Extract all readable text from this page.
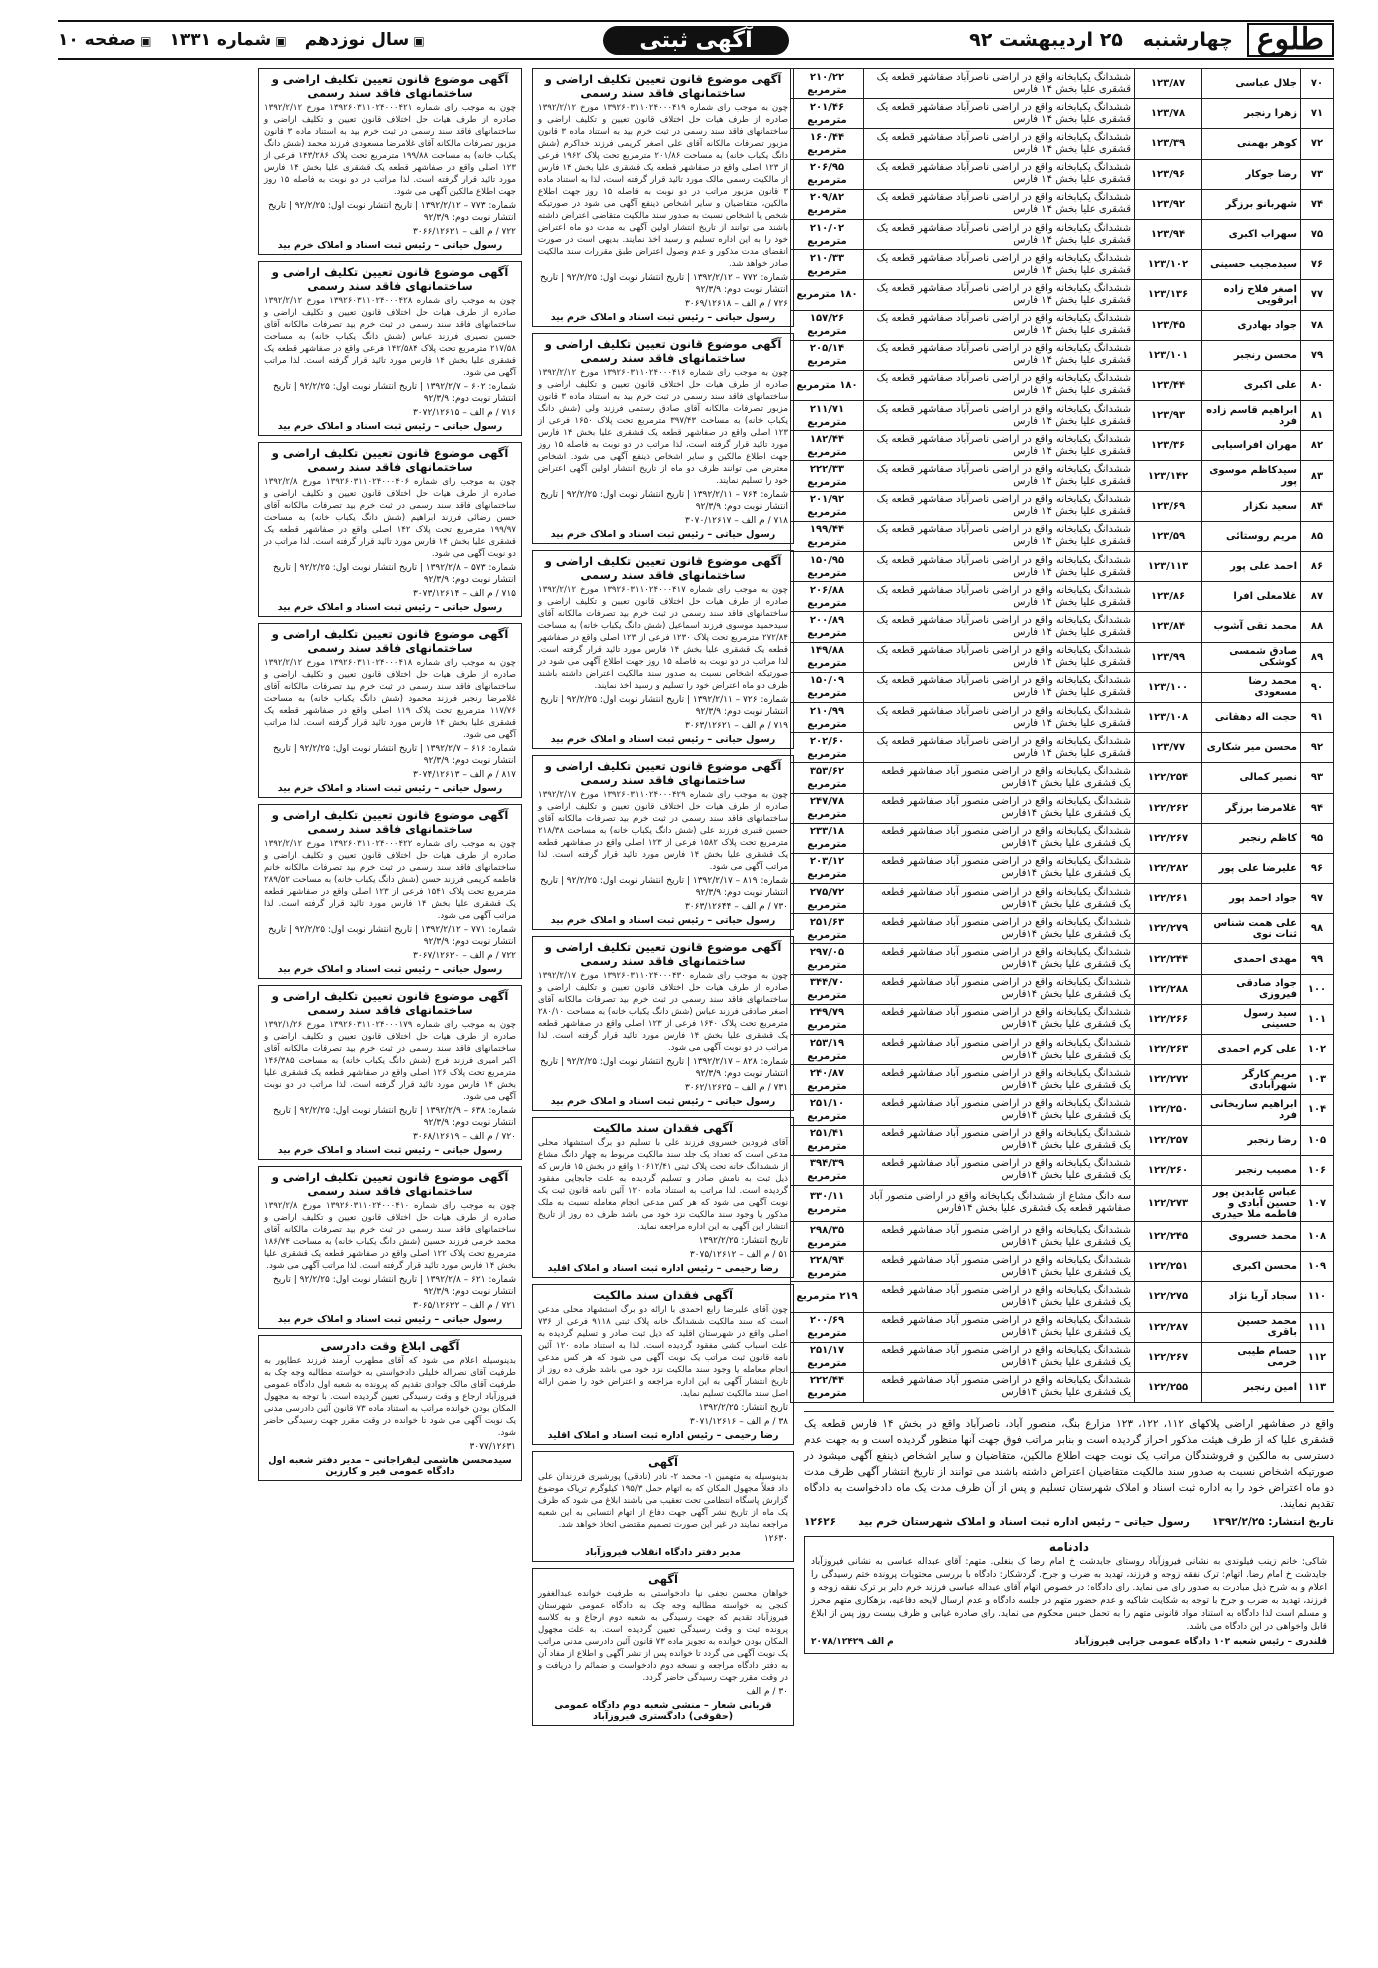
طلوع
چهارشنبه   ۲۵ اردیبهشت ۹۲
آگهی ثبتی
▣ سال نوزدهم
▣ شماره ۱۳۳۱
▣ صفحه ۱۰
۷۰	جلال عباسی	۱۲۳/۸۷	ششدانگ یکبابخانه واقع در اراضی ناصرآباد صفاشهر قطعه یک قشقری علیا بخش ۱۴ فارس	۲۱۰/۲۲ مترمربع
۷۱	زهرا رنجبر	۱۲۳/۷۸	ششدانگ یکبابخانه واقع در اراضی ناصرآباد صفاشهر قطعه یک قشقری علیا بخش ۱۴ فارس	۲۰۱/۴۶ مترمربع
۷۲	کوهر بهمنی	۱۲۳/۳۹	ششدانگ یکبابخانه واقع در اراضی ناصرآباد صفاشهر قطعه یک قشقری علیا بخش ۱۴ فارس	۱۶۰/۴۴ مترمربع
۷۳	رضا جوکار	۱۲۳/۹۶	ششدانگ یکبابخانه واقع در اراضی ناصرآباد صفاشهر قطعه یک قشقری علیا بخش ۱۴ فارس	۲۰۶/۹۵ مترمربع
۷۴	شهربانو برزگر	۱۲۳/۹۲	ششدانگ یکبابخانه واقع در اراضی ناصرآباد صفاشهر قطعه یک قشقری علیا بخش ۱۴ فارس	۲۰۹/۸۲ مترمربع
۷۵	سهراب اکبری	۱۲۳/۹۴	ششدانگ یکبابخانه واقع در اراضی ناصرآباد صفاشهر قطعه یک قشقری علیا بخش ۱۴ فارس	۲۱۰/۰۲ مترمربع
۷۶	سیدمجیب حسینی	۱۲۳/۱۰۲	ششدانگ یکبابخانه واقع در اراضی ناصرآباد صفاشهر قطعه یک قشقری علیا بخش ۱۴ فارس	۲۱۰/۳۳ مترمربع
۷۷	اصغر فلاح زاده ابرقویی	۱۲۳/۱۳۶	ششدانگ یکبابخانه واقع در اراضی ناصرآباد صفاشهر قطعه یک قشقری علیا بخش ۱۴ فارس	۱۸۰ مترمربع
۷۸	جواد بهادری	۱۲۳/۴۵	ششدانگ یکبابخانه واقع در اراضی ناصرآباد صفاشهر قطعه یک قشقری علیا بخش ۱۴ فارس	۱۵۷/۲۶ مترمربع
۷۹	محسن رنجبر	۱۲۳/۱۰۱	ششدانگ یکبابخانه واقع در اراضی ناصرآباد صفاشهر قطعه یک قشقری علیا بخش ۱۴ فارس	۲۰۵/۱۴ مترمربع
۸۰	علی اکبری	۱۲۳/۴۴	ششدانگ یکبابخانه واقع در اراضی ناصرآباد صفاشهر قطعه یک قشقری علیا بخش ۱۴ فارس	۱۸۰ مترمربع
۸۱	ابراهیم قاسم زاده فرد	۱۲۳/۹۳	ششدانگ یکبابخانه واقع در اراضی ناصرآباد صفاشهر قطعه یک قشقری علیا بخش ۱۴ فارس	۲۱۱/۷۱ مترمربع
۸۲	مهران افراسیابی	۱۲۳/۳۶	ششدانگ یکبابخانه واقع در اراضی ناصرآباد صفاشهر قطعه یک قشقری علیا بخش ۱۴ فارس	۱۸۲/۴۴ مترمربع
۸۳	سیدکاظم موسوی پور	۱۲۳/۱۴۲	ششدانگ یکبابخانه واقع در اراضی ناصرآباد صفاشهر قطعه یک قشقری علیا بخش ۱۴ فارس	۲۲۲/۳۳ مترمربع
۸۴	سعید نکزار	۱۲۳/۶۹	ششدانگ یکبابخانه واقع در اراضی ناصرآباد صفاشهر قطعه یک قشقری علیا بخش ۱۴ فارس	۲۰۱/۹۲ مترمربع
۸۵	مریم روستائی	۱۲۳/۵۹	ششدانگ یکبابخانه واقع در اراضی ناصرآباد صفاشهر قطعه یک قشقری علیا بخش ۱۴ فارس	۱۹۹/۴۴ مترمربع
۸۶	احمد علی پور	۱۲۳/۱۱۳	ششدانگ یکبابخانه واقع در اراضی ناصرآباد صفاشهر قطعه یک قشقری علیا بخش ۱۴ فارس	۱۵۰/۹۵ مترمربع
۸۷	غلامعلی افرا	۱۲۳/۸۶	ششدانگ یکبابخانه واقع در اراضی ناصرآباد صفاشهر قطعه یک قشقری علیا بخش ۱۴ فارس	۲۰۶/۸۸ مترمربع
۸۸	محمد تقی آشوب	۱۲۳/۸۴	ششدانگ یکبابخانه واقع در اراضی ناصرآباد صفاشهر قطعه یک قشقری علیا بخش ۱۴ فارس	۲۰۰/۸۹ مترمربع
۸۹	صادق شمسی کوشکی	۱۲۳/۹۹	ششدانگ یکبابخانه واقع در اراضی ناصرآباد صفاشهر قطعه یک قشقری علیا بخش ۱۴ فارس	۱۴۹/۸۸ مترمربع
۹۰	محمد رضا مسعودی	۱۲۳/۱۰۰	ششدانگ یکبابخانه واقع در اراضی ناصرآباد صفاشهر قطعه یک قشقری علیا بخش ۱۴ فارس	۱۵۰/۰۹ مترمربع
۹۱	حجت اله دهقانی	۱۲۳/۱۰۸	ششدانگ یکبابخانه واقع در اراضی ناصرآباد صفاشهر قطعه یک قشقری علیا بخش ۱۴ فارس	۲۱۰/۹۹ مترمربع
۹۲	محسن میر شکاری	۱۲۳/۷۷	ششدانگ یکبابخانه واقع در اراضی ناصرآباد صفاشهر قطعه یک قشقری علیا بخش ۱۴ فارس	۲۰۲/۶۰ مترمربع
۹۳	نصیر کمالی	۱۲۲/۲۵۴	ششدانگ یکبابخانه واقع در اراضی منصور آباد صفاشهر قطعه یک قشقری علیا بخش ۱۴فارس	۳۵۳/۶۲ مترمربع
۹۴	غلامرضا برزگر	۱۲۲/۲۶۲	ششدانگ یکبابخانه واقع در اراضی منصور آباد صفاشهر قطعه یک قشقری علیا بخش ۱۴فارس	۲۴۷/۷۸ مترمربع
۹۵	کاظم رنجبر	۱۲۲/۲۶۷	ششدانگ یکبابخانه واقع در اراضی منصور آباد صفاشهر قطعه یک قشقری علیا بخش ۱۴فارس	۲۳۳/۱۸ مترمربع
۹۶	علیرضا علی پور	۱۲۲/۲۸۲	ششدانگ یکبابخانه واقع در اراضی منصور آباد صفاشهر قطعه یک قشقری علیا بخش ۱۴فارس	۲۰۳/۱۲ مترمربع
۹۷	جواد احمد پور	۱۲۲/۲۶۱	ششدانگ یکبابخانه واقع در اراضی منصور آباد صفاشهر قطعه یک قشقری علیا بخش ۱۴فارس	۲۷۵/۷۲ مترمربع
۹۸	علی همت شناس ثنات نوی	۱۲۲/۲۷۹	ششدانگ یکبابخانه واقع در اراضی منصور آباد صفاشهر قطعه یک قشقری علیا بخش ۱۴فارس	۲۵۱/۶۳ مترمربع
۹۹	مهدی احمدی	۱۲۲/۲۴۴	ششدانگ یکبابخانه واقع در اراضی منصور آباد صفاشهر قطعه یک قشقری علیا بخش ۱۴فارس	۲۹۷/۰۵ مترمربع
۱۰۰	جواد صادقی فیروزی	۱۲۲/۲۸۸	ششدانگ یکبابخانه واقع در اراضی منصور آباد صفاشهر قطعه یک قشقری علیا بخش ۱۴فارس	۳۴۴/۷۰ مترمربع
۱۰۱	سید رسول حسینی	۱۲۲/۲۶۶	ششدانگ یکبابخانه واقع در اراضی منصور آباد صفاشهر قطعه یک قشقری علیا بخش ۱۴فارس	۲۴۹/۷۹ مترمربع
۱۰۲	علی کرم احمدی	۱۲۲/۲۶۳	ششدانگ یکبابخانه واقع در اراضی منصور آباد صفاشهر قطعه یک قشقری علیا بخش ۱۴فارس	۲۵۳/۱۹ مترمربع
۱۰۳	مریم کارگر شهرآبادی	۱۲۲/۲۷۲	ششدانگ یکبابخانه واقع در اراضی منصور آباد صفاشهر قطعه یک قشقری علیا بخش ۱۴فارس	۲۴۰/۸۷ مترمربع
۱۰۴	ابراهیم ساریخانی فرد	۱۲۲/۲۵۰	ششدانگ یکبابخانه واقع در اراضی منصور آباد صفاشهر قطعه یک قشقری علیا بخش ۱۴فارس	۲۵۱/۱۰ مترمربع
۱۰۵	رضا رنجبر	۱۲۲/۲۵۷	ششدانگ یکبابخانه واقع در اراضی منصور آباد صفاشهر قطعه یک قشقری علیا بخش ۱۴فارس	۲۵۱/۴۱ مترمربع
۱۰۶	مصیب رنجبر	۱۲۲/۲۶۰	ششدانگ یکبابخانه واقع در اراضی منصور آباد صفاشهر قطعه یک قشقری علیا بخش ۱۴فارس	۳۹۴/۳۹ مترمربع
۱۰۷	عباس عابدین پور حسین آبادی و فاطمه ملا حیدری	۱۲۲/۲۷۳	سه دانگ مشاع از ششدانگ یکبابخانه واقع در اراضی منصور آباد صفاشهر قطعه یک قشقری علیا بخش ۱۴فارس	۳۳۰/۱۱ مترمربع
۱۰۸	محمد خسروی	۱۲۲/۲۴۵	ششدانگ یکبابخانه واقع در اراضی منصور آباد صفاشهر قطعه یک قشقری علیا بخش ۱۴فارس	۲۹۸/۳۵ مترمربع
۱۰۹	محسن اکبری	۱۲۲/۲۵۱	ششدانگ یکبابخانه واقع در اراضی منصور آباد صفاشهر قطعه یک قشقری علیا بخش ۱۴فارس	۲۲۸/۹۴ مترمربع
۱۱۰	سجاد آریا نژاد	۱۲۲/۲۷۵	ششدانگ یکبابخانه واقع در اراضی منصور آباد صفاشهر قطعه یک قشقری علیا بخش ۱۴فارس	۲۱۹ مترمربع
۱۱۱	محمد حسین باقری	۱۲۲/۲۸۷	ششدانگ یکبابخانه واقع در اراضی منصور آباد صفاشهر قطعه یک قشقری علیا بخش ۱۴فارس	۲۰۰/۶۹ مترمربع
۱۱۲	حسام طیبی خرمی	۱۲۲/۲۶۷	ششدانگ یکبابخانه واقع در اراضی منصور آباد صفاشهر قطعه یک قشقری علیا بخش ۱۴فارس	۲۵۱/۱۷ مترمربع
۱۱۳	امین رنجبر	۱۲۲/۲۵۵	ششدانگ یکبابخانه واقع در اراضی منصور آباد صفاشهر قطعه یک قشقری علیا بخش ۱۴فارس	۲۲۲/۴۴ مترمربع
واقع در صفاشهر اراضی پلاکهای ۱۱۲، ۱۲۲، ۱۲۳ مزارع بنگ، منصور آباد، ناصرآباد واقع در بخش ۱۴ فارس قطعه یک قشقری علیا که از طرف هیئت مذکور احراز گردیده است و بنابر مراتب فوق جهت آنها منظور گردیده است و به جهت عدم دسترسی به مالکین و فروشندگان مراتب یک نوبت جهت اطلاع مالکین، متقاضیان و سایر اشخاص ذینفع آگهی میشود در صورتیکه اشخاص نسبت به صدور سند مالکیت متقاضیان اعتراض داشته باشند می توانند از تاریخ انتشار آگهی ظرف مدت دو ماه اعتراض خود را به اداره ثبت اسناد و املاک شهرستان تسلیم و پس از آن ظرف مدت یک ماه دادخواست به دادگاه تقدیم نمایند.
تاریخ انتشار: ۱۳۹۲/۲/۲۵
رسول حیاتی – رئیس اداره ثبت اسناد و املاک شهرستان خرم بید
۱۲۶۲۶
دادنامه
شاکی: خانم زینب فیلوندی به نشانی فیروزآباد روستای جایدشت خ امام رضا ک بنغلی. متهم: آقای عبداله عباسی به نشانی فیروزآباد جایدشت خ امام رضا. اتهام: ترک نفقه زوجه و فرزند، تهدید به ضرب و جرح. گردشکار: دادگاه با بررسی محتویات پرونده ختم رسیدگی را اعلام و به شرح ذیل مبادرت به صدور رای می نماید. رای دادگاه: در خصوص اتهام آقای عبداله عباسی فرزند خرم دایر بر ترک نفقه زوجه و فرزند، تهدید به ضرب و جرح با توجه به شکایت شاکیه و عدم حضور متهم در جلسه دادگاه و عدم ارسال لایحه دفاعیه، بزهکاری متهم محرز و مسلم است لذا دادگاه به استناد مواد قانونی متهم را به تحمل حبس محکوم می نماید. رای صادره غیابی و ظرف بیست روز پس از ابلاغ قابل واخواهی در این دادگاه می باشد.
قلندری – رئیس شعبه ۱۰۲ دادگاه عمومی جزایی فیروزآباد
م الف ۲۰۷۸/۱۲۴۲۹
آگهی موضوع قانون تعیین تکلیف اراضی و ساختمانهای فاقد سند رسمی

چون به موجب رای شماره ۱۳۹۲۶۰۳۱۱۰۲۴۰۰۰۴۱۹ مورخ ۱۳۹۲/۲/۱۲ صادره از طرف هیات حل اختلاف قانون تعیین و تکلیف اراضی و ساختمانهای فاقد سند رسمی در ثبت خرم بید به استناد ماده ۳ قانون مزبور تصرفات مالکانه آقای علی اصغر کریمی فرزند خداکرم (شش دانگ یکباب خانه) به مساحت ۲۰۱/۸۶ مترمربع تحت پلاک ۱۹۶۲ فرعی از ۱۲۳ اصلی واقع در صفاشهر قطعه یک قشقری علیا بخش ۱۴ فارس از مالکیت رسمی مالک مورد تائید قرار گرفته است، لذا به استناد ماده ۳ قانون مزبور مراتب در دو نوبت به فاصله ۱۵ روز جهت اطلاع مالکین، متقاضیان و سایر اشخاص ذینفع آگهی می شود در صورتیکه شخص یا اشخاص نسبت به صدور سند مالکیت متقاضی اعتراض داشته باشند می توانند از تاریخ انتشار اولین آگهی به مدت دو ماه اعتراض خود را به این اداره تسلیم و رسید اخذ نمایند. بدیهی است در صورت انقضای مدت مذکور و عدم وصول اعتراض طبق مقررات سند مالکیت صادر خواهد شد.

شماره: ۷۷۲ – ۱۳۹۲/۲/۱۲ | تاریخ انتشار نوبت اول: ۹۲/۲/۲۵ | تاریخ انتشار نوبت دوم: ۹۲/۳/۹
۷۲۶ / م الف – ۳۰۶۹/۱۲۶۱۸
رسول حیاتی – رئیس ثبت اسناد و املاک خرم بید
آگهی موضوع قانون تعیین تکلیف اراضی و ساختمانهای فاقد سند رسمی

چون به موجب رای شماره ۱۳۹۲۶۰۳۱۱۰۲۴۰۰۰۴۱۶ مورخ ۱۳۹۲/۲/۱۲ صادره از طرف هیات حل اختلاف قانون تعیین و تکلیف اراضی و ساختمانهای فاقد سند رسمی در ثبت خرم بید به استناد ماده ۳ قانون مزبور تصرفات مالکانه آقای صادق رستمی فرزند ولی (شش دانگ یکباب خانه) به مساحت ۳۹۷/۴۳ مترمربع تحت پلاک ۱۶۵۰ فرعی از ۱۲۳ اصلی واقع در صفاشهر قطعه یک قشقری علیا بخش ۱۴ فارس مورد تائید قرار گرفته است، لذا مراتب در دو نوبت به فاصله ۱۵ روز جهت اطلاع مالکین و سایر اشخاص ذینفع آگهی می شود. اشخاص معترض می توانند ظرف دو ماه از تاریخ انتشار اولین آگهی اعتراض خود را تسلیم نمایند.

شماره: ۷۶۴ – ۱۳۹۲/۲/۱۱ | تاریخ انتشار نوبت اول: ۹۲/۲/۲۵ | تاریخ انتشار نوبت دوم: ۹۲/۳/۹
۷۱۸ / م الف – ۳۰۷۰/۱۲۶۱۷
رسول حیاتی – رئیس ثبت اسناد و املاک خرم بید
آگهی موضوع قانون تعیین تکلیف اراضی و ساختمانهای فاقد سند رسمی

چون به موجب رای شماره ۱۳۹۲۶۰۳۱۱۰۲۴۰۰۰۴۱۷ مورخ ۱۳۹۲/۲/۱۲ صادره از طرف هیات حل اختلاف قانون تعیین و تکلیف اراضی و ساختمانهای فاقد سند رسمی در ثبت خرم بید تصرفات مالکانه آقای سیدحمید موسوی فرزند اسماعیل (شش دانگ یکباب خانه) به مساحت ۲۷۲/۸۴ مترمربع تحت پلاک ۱۲۳۰ فرعی از ۱۲۳ اصلی واقع در صفاشهر قطعه یک قشقری علیا بخش ۱۴ فارس مورد تائید قرار گرفته است. لذا مراتب در دو نوبت به فاصله ۱۵ روز جهت اطلاع آگهی می شود در صورتیکه اشخاص نسبت به صدور سند مالکیت اعتراض داشته باشند ظرف دو ماه اعتراض خود را تسلیم و رسید اخذ نمایند.

شماره: ۷۲۶ – ۱۳۹۲/۲/۱۱ | تاریخ انتشار نوبت اول: ۹۲/۲/۲۵ | تاریخ انتشار نوبت دوم: ۹۲/۳/۹
۷۱۹ / م الف – ۳۰۶۳/۱۲۶۲۱
رسول حیاتی – رئیس ثبت اسناد و املاک خرم بید
آگهی موضوع قانون تعیین تکلیف اراضی و ساختمانهای فاقد سند رسمی

چون به موجب رای شماره ۱۳۹۲۶۰۳۱۱۰۲۴۰۰۰۴۲۹ مورخ ۱۳۹۲/۲/۱۷ صادره از طرف هیات حل اختلاف قانون تعیین و تکلیف اراضی و ساختمانهای فاقد سند رسمی در ثبت خرم بید تصرفات مالکانه آقای حسین قنبری فرزند علی (شش دانگ یکباب خانه) به مساحت ۲۱۸/۳۸ مترمربع تحت پلاک ۱۵۸۲ فرعی از ۱۲۳ اصلی واقع در صفاشهر قطعه یک قشقری علیا بخش ۱۴ فارس مورد تائید قرار گرفته است. لذا مراتب آگهی می شود.

شماره: ۸۱۹ – ۱۳۹۲/۲/۱۷ | تاریخ انتشار نوبت اول: ۹۲/۲/۲۵ | تاریخ انتشار نوبت دوم: ۹۲/۳/۹
۷۳۰ / م الف – ۳۰۶۳/۱۲۶۴۴
رسول حیاتی – رئیس ثبت اسناد و املاک خرم بید
آگهی موضوع قانون تعیین تکلیف اراضی و ساختمانهای فاقد سند رسمی

چون به موجب رای شماره ۱۳۹۲۶۰۳۱۱۰۲۴۰۰۰۴۳۰ مورخ ۱۳۹۲/۲/۱۷ صادره از طرف هیات حل اختلاف قانون تعیین و تکلیف اراضی و ساختمانهای فاقد سند رسمی در ثبت خرم بید تصرفات مالکانه آقای اصغر صادقی فرزند عباس (شش دانگ یکباب خانه) به مساحت ۲۸۰/۱۰ مترمربع تحت پلاک ۱۶۴۰ فرعی از ۱۲۳ اصلی واقع در صفاشهر قطعه یک قشقری علیا بخش ۱۴ فارس مورد تائید قرار گرفته است. لذا مراتب در دو نوبت آگهی می شود.

شماره: ۸۲۸ – ۱۳۹۲/۲/۱۷ | تاریخ انتشار نوبت اول: ۹۲/۲/۲۵ | تاریخ انتشار نوبت دوم: ۹۲/۳/۹
۷۳۱ / م الف – ۳۰۶۲/۱۲۶۲۵
رسول حیاتی – رئیس ثبت اسناد و املاک خرم بید
آگهی فقدان سند مالکیت

آقای فرودین خسروی فرزند علی با تسلیم دو برگ استشهاد محلی مدعی است که تعداد یک جلد سند مالکیت مربوط به چهار دانگ مشاع از ششدانگ خانه تحت پلاک ثبتی ۱۰۶۱۲/۴۱ واقع در بخش ۱۵ فارس که ذیل ثبت به نامش صادر و تسلیم گردیده به علت جابجایی مفقود گردیده است. لذا مراتب به استناد ماده ۱۲۰ آئین نامه قانون ثبت یک نوبت آگهی می شود که هر کس مدعی انجام معامله نسبت به ملک مذکور یا وجود سند مالکیت نزد خود می باشد ظرف ده روز از تاریخ انتشار این آگهی به این اداره مراجعه نماید.

تاریخ انتشار: ۱۳۹۲/۲/۲۵
۵۱ / م الف – ۳۰۷۵/۱۲۶۱۲
رضا رحیمی – رئیس اداره ثبت اسناد و املاک اقلید
آگهی فقدان سند مالکیت

چون آقای علیرضا رابع احمدی با ارائه دو برگ استشهاد محلی مدعی است که سند مالکیت ششدانگ خانه پلاک ثبتی ۹۱۱۸ فرعی از ۷۳۶ اصلی واقع در شهرستان اقلید که ذیل ثبت صادر و تسلیم گردیده به علت اسباب کشی مفقود گردیده است. لذا به استناد ماده ۱۲۰ آئین نامه قانون ثبت مراتب یک نوبت آگهی می شود که هر کس مدعی انجام معامله یا وجود سند مالکیت نزد خود می باشد ظرف ده روز از تاریخ انتشار آگهی به این اداره مراجعه و اعتراض خود را ضمن ارائه اصل سند مالکیت تسلیم نماید.

تاریخ انتشار: ۱۳۹۲/۲/۲۵
۳۸ / م الف – ۳۰۷۱/۱۲۶۱۶
رضا رحیمی – رئیس اداره ثبت اسناد و املاک اقلید
آگهی

بدینوسیله به متهمین ۱- محمد ۲- نادر (نادقی) پورشیری فرزندان علی داد فعلاً مجهول المکان که به اتهام حمل ۱۹۵/۳ کیلوگرم تریاک موضوع گزارش پاسگاه انتظامی تحت تعقیب می باشند ابلاغ می شود که ظرف یک ماه از تاریخ نشر آگهی جهت دفاع از اتهام انتسابی به این شعبه مراجعه نمایند در غیر این صورت تصمیم مقتضی اتخاذ خواهد شد.

۱۲۶۳۰
مدیر دفتر دادگاه انقلاب فیروزآباد
آگهی

خواهان محسن نجفی نیا دادخواستی به طرفیت خوانده عبدالغفور کنجی به خواسته مطالبه وجه چک به دادگاه عمومی شهرستان فیروزآباد تقدیم که جهت رسیدگی به شعبه دوم ارجاع و به کلاسه پرونده ثبت و وقت رسیدگی تعیین گردیده است. به علت مجهول المکان بودن خوانده به تجویز ماده ۷۳ قانون آئین دادرسی مدنی مراتب یک نوبت آگهی می گردد تا خوانده پس از نشر آگهی و اطلاع از مفاد آن به دفتر دادگاه مراجعه و نسخه دوم دادخواست و ضمائم را دریافت و در وقت مقرر جهت رسیدگی حاضر گردد.

۳۰ / م الف
قربانی شعار – منشی شعبه دوم دادگاه عمومی (حقوقی) دادگستری فیروزآباد
آگهی موضوع قانون تعیین تکلیف اراضی و ساختمانهای فاقد سند رسمی

چون به موجب رای شماره ۱۳۹۲۶۰۳۱۱۰۲۴۰۰۰۴۲۱ مورخ ۱۳۹۲/۲/۱۲ صادره از طرف هیات حل اختلاف قانون تعیین و تکلیف اراضی و ساختمانهای فاقد سند رسمی در ثبت خرم بید به استناد ماده ۳ قانون مزبور تصرفات مالکانه آقای غلامرضا مسعودی فرزند محمد (شش دانگ یکباب خانه) به مساحت ۱۹۹/۸۸ مترمربع تحت پلاک ۱۴۳/۲۸۶ فرعی از ۱۲۳ اصلی واقع در صفاشهر قطعه یک قشقری علیا بخش ۱۴ فارس مورد تائید قرار گرفته است. لذا مراتب در دو نوبت به فاصله ۱۵ روز جهت اطلاع مالکین آگهی می شود.

شماره: ۷۷۳ – ۱۳۹۲/۲/۱۲ | تاریخ انتشار نوبت اول: ۹۲/۲/۲۵ | تاریخ انتشار نوبت دوم: ۹۲/۳/۹
۷۲۲ / م الف – ۳۰۶۶/۱۲۶۲۱
رسول حیاتی – رئیس ثبت اسناد و املاک خرم بید
آگهی موضوع قانون تعیین تکلیف اراضی و ساختمانهای فاقد سند رسمی

چون به موجب رای شماره ۱۳۹۲۶۰۳۱۱۰۲۴۰۰۰۴۲۸ مورخ ۱۳۹۲/۲/۱۲ صادره از طرف هیات حل اختلاف قانون تعیین و تکلیف اراضی و ساختمانهای فاقد سند رسمی در ثبت خرم بید تصرفات مالکانه آقای حسین نصیری فرزند عباس (شش دانگ یکباب خانه) به مساحت ۲۱۷/۵۸ مترمربع تحت پلاک ۱۴۲/۵۸۴ فرعی واقع در صفاشهر قطعه یک قشقری علیا بخش ۱۴ فارس مورد تائید قرار گرفته است. لذا مراتب آگهی می شود.

شماره: ۶۰۲ – ۱۳۹۲/۲/۷ | تاریخ انتشار نوبت اول: ۹۲/۲/۲۵ | تاریخ انتشار نوبت دوم: ۹۲/۳/۹
۷۱۶ / م الف – ۳۰۷۲/۱۲۶۱۵
رسول حیاتی – رئیس ثبت اسناد و املاک خرم بید
آگهی موضوع قانون تعیین تکلیف اراضی و ساختمانهای فاقد سند رسمی

چون به موجب رای شماره ۱۳۹۲۶۰۳۱۱۰۲۴۰۰۰۴۰۶ مورخ ۱۳۹۲/۲/۸ صادره از طرف هیات حل اختلاف قانون تعیین و تکلیف اراضی و ساختمانهای فاقد سند رسمی در ثبت خرم بید تصرفات مالکانه آقای حسن رضائی فرزند ابراهیم (شش دانگ یکباب خانه) به مساحت ۱۹۹/۹۷ مترمربع تحت پلاک ۱۴۲ اصلی واقع در صفاشهر قطعه یک قشقری علیا بخش ۱۴ فارس مورد تائید قرار گرفته است. لذا مراتب در دو نوبت آگهی می شود.

شماره: ۵۷۳ – ۱۳۹۲/۲/۸ | تاریخ انتشار نوبت اول: ۹۲/۲/۲۵ | تاریخ انتشار نوبت دوم: ۹۲/۳/۹
۷۱۵ / م الف – ۳۰۷۳/۱۲۶۱۴
رسول حیاتی – رئیس ثبت اسناد و املاک خرم بید
آگهی موضوع قانون تعیین تکلیف اراضی و ساختمانهای فاقد سند رسمی

چون به موجب رای شماره ۱۳۹۲۶۰۳۱۱۰۲۴۰۰۰۴۱۸ مورخ ۱۳۹۲/۲/۱۲ صادره از طرف هیات حل اختلاف قانون تعیین و تکلیف اراضی و ساختمانهای فاقد سند رسمی در ثبت خرم بید تصرفات مالکانه آقای غلامرضا رنجبر فرزند محمود (شش دانگ یکباب خانه) به مساحت ۱۱۷/۷۶ مترمربع تحت پلاک ۱۱۹ اصلی واقع در صفاشهر قطعه یک قشقری علیا بخش ۱۴ فارس مورد تائید قرار گرفته است. لذا مراتب آگهی می شود.

شماره: ۶۱۶ – ۱۳۹۲/۲/۷ | تاریخ انتشار نوبت اول: ۹۲/۲/۲۵ | تاریخ انتشار نوبت دوم: ۹۲/۳/۹
۸۱۷ / م الف – ۳۰۷۴/۱۲۶۱۳
رسول حیاتی – رئیس ثبت اسناد و املاک خرم بید
آگهی موضوع قانون تعیین تکلیف اراضی و ساختمانهای فاقد سند رسمی

چون به موجب رای شماره ۱۳۹۲۶۰۳۱۱۰۲۴۰۰۰۴۲۲ مورخ ۱۳۹۲/۲/۱۲ صادره از طرف هیات حل اختلاف قانون تعیین و تکلیف اراضی و ساختمانهای فاقد سند رسمی در ثبت خرم بید تصرفات مالکانه خانم فاطمه کریمی فرزند حسن (شش دانگ یکباب خانه) به مساحت ۲۸۹/۵۲ مترمربع تحت پلاک ۱۵۴۱ فرعی از ۱۲۳ اصلی واقع در صفاشهر قطعه یک قشقری علیا بخش ۱۴ فارس مورد تائید قرار گرفته است. لذا مراتب آگهی می شود.

شماره: ۷۷۱ – ۱۳۹۲/۲/۱۲ | تاریخ انتشار نوبت اول: ۹۲/۲/۲۵ | تاریخ انتشار نوبت دوم: ۹۲/۳/۹
۷۲۲ / م الف – ۳۰۶۷/۱۲۶۲۰
رسول حیاتی – رئیس ثبت اسناد و املاک خرم بید
آگهی موضوع قانون تعیین تکلیف اراضی و ساختمانهای فاقد سند رسمی

چون به موجب رای شماره ۱۳۹۲۶۰۳۱۱۰۲۴۰۰۰۱۷۹ مورخ ۱۳۹۲/۱/۲۶ صادره از طرف هیات حل اختلاف قانون تعیین و تکلیف اراضی و ساختمانهای فاقد سند رسمی در ثبت خرم بید تصرفات مالکانه آقای اکبر امیری فرزند فرج (شش دانگ یکباب خانه) به مساحت ۱۴۶/۳۸۵ مترمربع تحت پلاک ۱۲۶ اصلی واقع در صفاشهر قطعه یک قشقری علیا بخش ۱۴ فارس مورد تائید قرار گرفته است. لذا مراتب در دو نوبت آگهی می شود.

شماره: ۶۳۸ – ۱۳۹۲/۲/۹ | تاریخ انتشار نوبت اول: ۹۲/۲/۲۵ | تاریخ انتشار نوبت دوم: ۹۲/۳/۹
۷۲۰ / م الف – ۳۰۶۸/۱۲۶۱۹
رسول حیاتی – رئیس ثبت اسناد و املاک خرم بید
آگهی موضوع قانون تعیین تکلیف اراضی و ساختمانهای فاقد سند رسمی

چون به موجب رای شماره ۱۳۹۲۶۰۳۱۱۰۲۴۰۰۰۴۱۰ مورخ ۱۳۹۲/۲/۸ صادره از طرف هیات حل اختلاف قانون تعیین و تکلیف اراضی و ساختمانهای فاقد سند رسمی در ثبت خرم بید تصرفات مالکانه آقای محمد خرمی فرزند حسین (شش دانگ یکباب خانه) به مساحت ۱۸۶/۷۴ مترمربع تحت پلاک ۱۲۲ اصلی واقع در صفاشهر قطعه یک قشقری علیا بخش ۱۴ فارس مورد تائید قرار گرفته است. لذا مراتب آگهی می شود.

شماره: ۶۲۱ – ۱۳۹۲/۲/۸ | تاریخ انتشار نوبت اول: ۹۲/۲/۲۵ | تاریخ انتشار نوبت دوم: ۹۲/۳/۹
۷۲۱ / م الف – ۳۰۶۵/۱۲۶۲۲
رسول حیاتی – رئیس ثبت اسناد و املاک خرم بید
آگهی ابلاغ وقت دادرسی

بدینوسیله اعلام می شود که آقای مطهرب آرمند فرزند عطاپور به طرفیت آقای نصراله خلیلی دادخواستی به خواسته مطالبه وجه چک به طرفیت آقای مالک جوادی تقدیم که پرونده به شعبه اول دادگاه عمومی فیروزآباد ارجاع و وقت رسیدگی تعیین گردیده است. با توجه به مجهول المکان بودن خوانده مراتب به استناد ماده ۷۳ قانون آئین دادرسی مدنی یک نوبت آگهی می شود تا خوانده در وقت مقرر جهت رسیدگی حاضر شود.

۳۰۷۷/۱۲۶۳۱
سیدمحسن هاشمی لیقراجانی – مدیر دفتر شعبه اول دادگاه عمومی فیر و کارزین
